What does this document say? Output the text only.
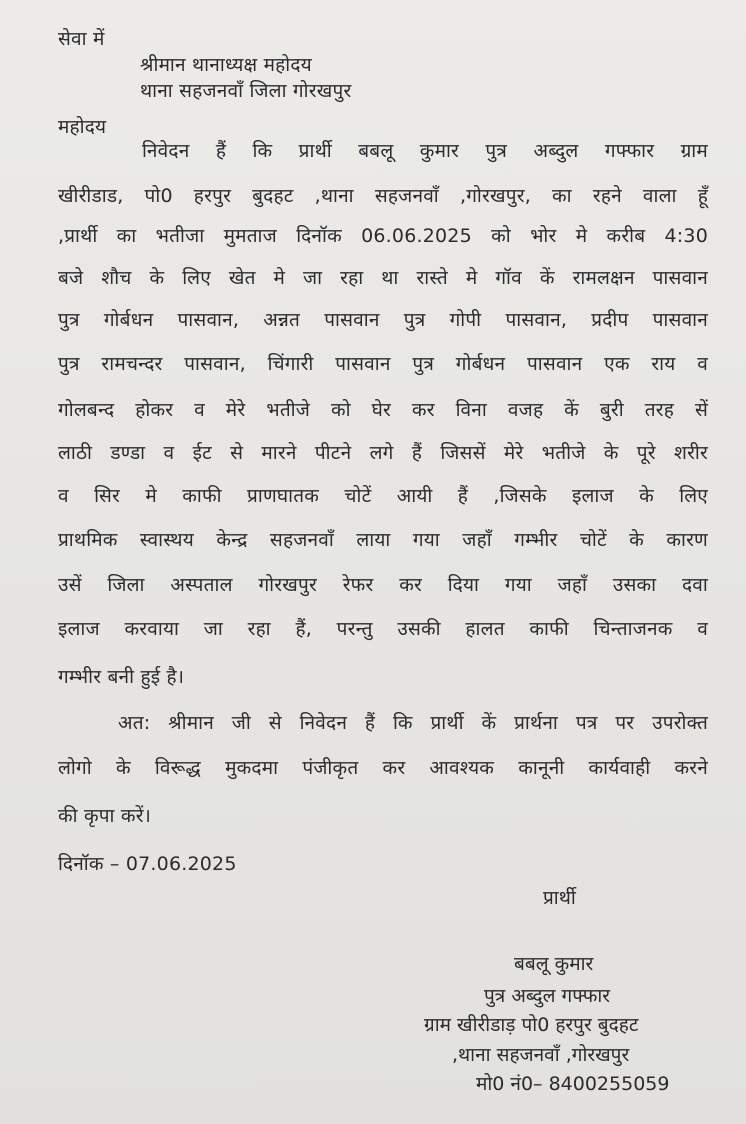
सेवा में
श्रीमान थानाध्यक्ष महोदय
थाना सहजनवॉं जिला गोरखपुर
महोदय
निवेदन हैं कि प्रार्थी बबलू कुमार पुत्र अब्दुल गफ्फार ग्राम
खीरीडाड, पो0 हरपुर बुदहट ,थाना सहजनवॉं ,गोरखपुर, का रहने वाला हूँ
,प्रार्थी का भतीजा मुमताज दिनॉक 06.06.2025 को भोर मे करीब 4:30
बजे शौच के लिए खेत मे जा रहा था रास्ते मे गॉव कें रामलक्षन पासवान
पुत्र गोर्बधन पासवान, अन्नत पासवान पुत्र गोपी पासवान, प्रदीप पासवान
पुत्र रामचन्दर पासवान, चिंगारी पासवान पुत्र गोर्बधन पासवान एक राय व
गोलबन्द होकर व मेरे भतीजे को घेर कर विना वजह कें बुरी तरह सें
लाठी डण्डा व ईट से मारने पीटने लगे हैं जिससें मेरे भतीजे के पूरे शरीर
व सिर मे काफी प्राणघातक चोटें आयी हैं ,जिसके इलाज के लिए
प्राथमिक स्वास्थय केन्द्र सहजनवॉं लाया गया जहॉं गम्भीर चोटें के कारण
उसें जिला अस्पताल गोरखपुर रेफर कर दिया गया जहॉं उसका दवा
इलाज करवाया जा रहा हैं, परन्तु उसकी हालत काफी चिन्ताजनक व
गम्भीर बनी हुई है।
अत: श्रीमान जी से निवेदन हैं कि प्रार्थी कें प्रार्थना पत्र पर उपरोक्त
लोगो के विरूद्ध मुकदमा पंजीकृत कर आवश्यक कानूनी कार्यवाही करने
की कृपा करें।
दिनॉक – 07.06.2025
प्रार्थी
बबलू कुमार
पुत्र अब्दुल गफ्फार
ग्राम खीरीडाड़ पो0 हरपुर बुदहट
,थाना सहजनवॉं ,गोरखपुर
मो0 नं0– 8400255059
